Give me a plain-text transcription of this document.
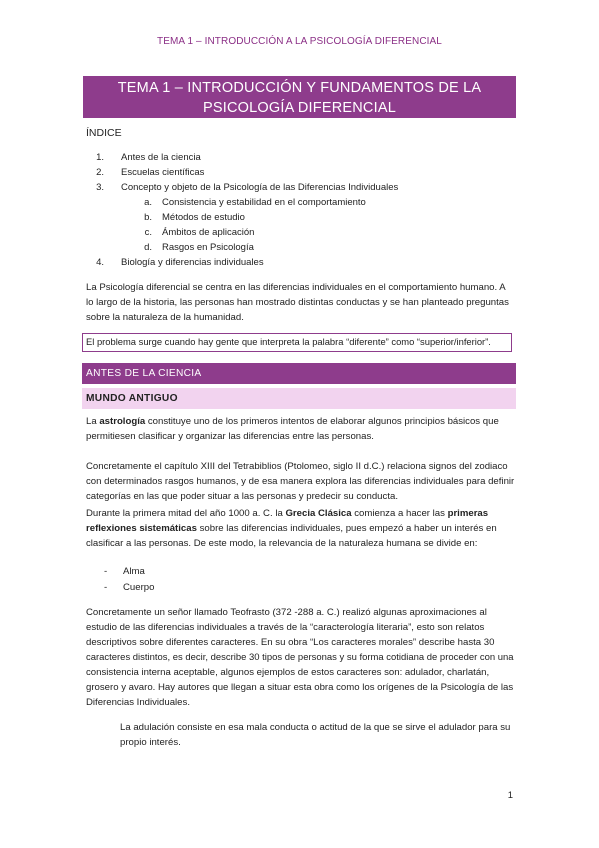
TEMA 1 – INTRODUCCIÓN A LA PSICOLOGÍA DIFERENCIAL
TEMA 1 – INTRODUCCIÓN Y FUNDAMENTOS DE LA
PSICOLOGÍA DIFERENCIAL
ÍNDICE
1. Antes de la ciencia
2. Escuelas científicas
3. Concepto y objeto de la Psicología de las Diferencias Individuales
a. Consistencia y estabilidad en el comportamiento
b. Métodos de estudio
c. Ámbitos de aplicación
d. Rasgos en Psicología
4. Biología y diferencias individuales
La Psicología diferencial se centra en las diferencias individuales en el comportamiento humano. A
lo largo de la historia, las personas han mostrado distintas conductas y se han planteado preguntas
sobre la naturaleza de la humanidad.
El problema surge cuando hay gente que interpreta la palabra “diferente” como “superior/inferior”.
ANTES DE LA CIENCIA
MUNDO ANTIGUO
La astrología constituye uno de los primeros intentos de elaborar algunos principios básicos que
permitiesen clasificar y organizar las diferencias entre las personas.
Concretamente el capítulo XIII del Tetrabiblios (Ptolomeo, siglo II d.C.) relaciona signos del zodiaco
con determinados rasgos humanos, y de esa manera explora las diferencias individuales para definir
categorías en las que poder situar a las personas y predecir su conducta.
Durante la primera mitad del año 1000 a. C. la Grecia Clásica comienza a hacer las primeras
reflexiones sistemáticas sobre las diferencias individuales, pues empezó a haber un interés en
clasificar a las personas. De este modo, la relevancia de la naturaleza humana se divide en:
- Alma
- Cuerpo
Concretamente un señor llamado Teofrasto (372 -288 a. C.) realizó algunas aproximaciones al
estudio de las diferencias individuales a través de la “caracterología literaria”, esto son relatos
descriptivos sobre diferentes caracteres. En su obra “Los caracteres morales” describe hasta 30
caracteres distintos, es decir, describe 30 tipos de personas y su forma cotidiana de proceder con una
consistencia interna aceptable, algunos ejemplos de estos caracteres son: adulador, charlatán,
grosero y avaro. Hay autores que llegan a situar esta obra como los orígenes de la Psicología de las
Diferencias Individuales.
La adulación consiste en esa mala conducta o actitud de la que se sirve el adulador para su
propio interés.
1
